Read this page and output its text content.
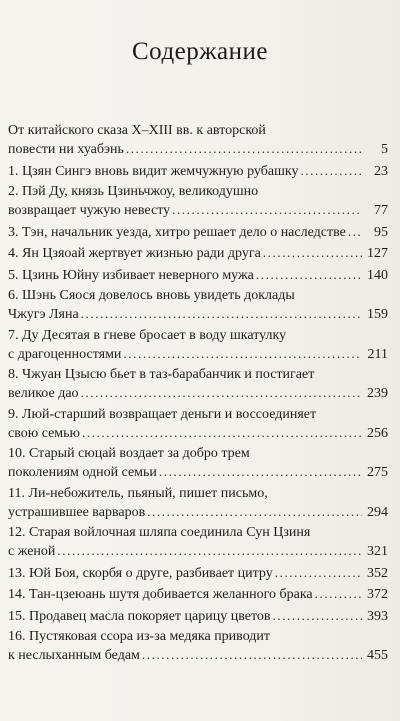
Содержание
От китайского сказа X–XIII вв. к авторской
повести ни хуабэнь .....	5
1. Цзян Сингэ вновь видит жемчужную рубашку .....	23
2. Пэй Ду, князь Цзиньчжоу, великодушно
возвращает чужую невесту .....	77
3. Тэн, начальник уезда, хитро решает дело о наследстве .....	95
4. Ян Цзяоай жертвует жизнью ради друга .....	127
5. Цзинь Юйну избивает неверного мужа .....	140
6. Шэнь Сяося довелось вновь увидеть доклады
Чжугэ Ляна .....	159
7. Ду Десятая в гневе бросает в воду шкатулку
с драгоценностями .....	211
8. Чжуан Цзысю бьет в таз-барабанчик и постигает
великое дао .....	239
9. Люй-старший возвращает деньги и воссоединяет
свою семью .....	256
10. Старый сюцай воздает за добро трем
поколениям одной семьи .....	275
11. Ли-небожитель, пьяный, пишет письмо,
устрашившее варваров .....	294
12. Старая войлочная шляпа соединила Сун Цзиня
с женой .....	321
13. Юй Боя, скорбя о друге, разбивает цитру .....	352
14. Тан-цзеюань шутя добивается желанного брака .....	372
15. Продавец масла покоряет царицу цветов .....	393
16. Пустяковая ссора из-за медяка приводит
к неслыханным бедам .....	455
